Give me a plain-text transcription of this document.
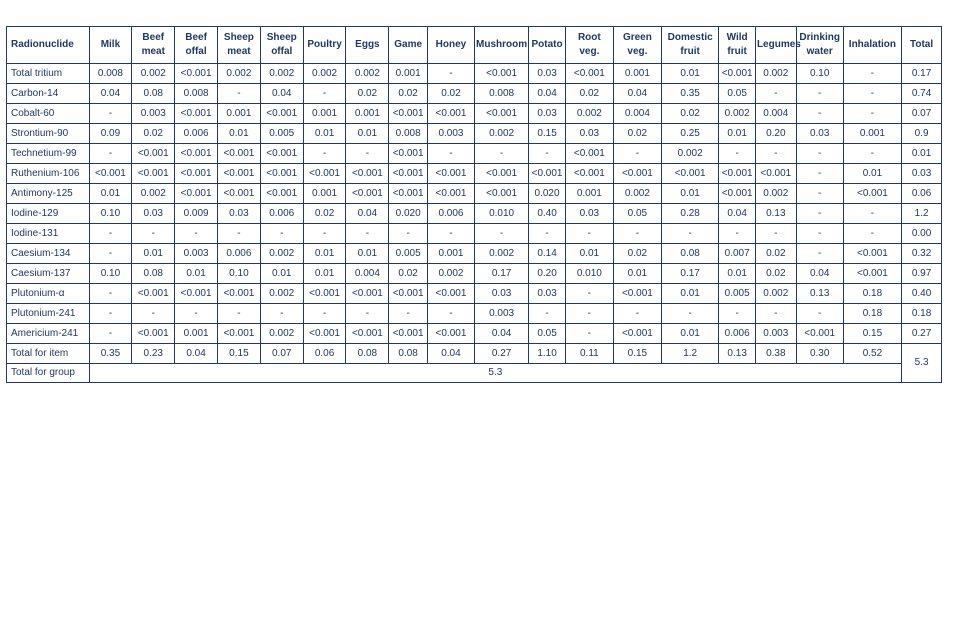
Radionuclide	Milk	Beef meat	Beef offal	Sheep meat	Sheep offal	Poultry	Eggs	Game	Honey	Mushroom	Potato	Root veg.	Green veg.	Domestic fruit	Wild fruit	Legumes	Drinking water	Inhalation	Total
Total tritium	0.008	0.002	<0.001	0.002	0.002	0.002	0.002	0.001	-	<0.001	0.03	<0.001	0.001	0.01	<0.001	0.002	0.10	-	0.17
Carbon-14	0.04	0.08	0.008	-	0.04	-	0.02	0.02	0.02	0.008	0.04	0.02	0.04	0.35	0.05	-	-	-	0.74
Cobalt-60	-	0.003	<0.001	0.001	<0.001	0.001	0.001	<0.001	<0.001	<0.001	0.03	0.002	0.004	0.02	0.002	0.004	-	-	0.07
Strontium-90	0.09	0.02	0.006	0.01	0.005	0.01	0.01	0.008	0.003	0.002	0.15	0.03	0.02	0.25	0.01	0.20	0.03	0.001	0.9
Technetium-99	-	<0.001	<0.001	<0.001	<0.001	-	-	<0.001	-	-	-	<0.001	-	0.002	-	-	-	-	0.01
Ruthenium-106	<0.001	<0.001	<0.001	<0.001	<0.001	<0.001	<0.001	<0.001	<0.001	<0.001	<0.001	<0.001	<0.001	<0.001	<0.001	<0.001	-	0.01	0.03
Antimony-125	0.01	0.002	<0.001	<0.001	<0.001	0.001	<0.001	<0.001	<0.001	<0.001	0.020	0.001	0.002	0.01	<0.001	0.002	-	<0.001	0.06
Iodine-129	0.10	0.03	0.009	0.03	0.006	0.02	0.04	0.020	0.006	0.010	0.40	0.03	0.05	0.28	0.04	0.13	-	-	1.2
Iodine-131	-	-	-	-	-	-	-	-	-	-	-	-	-	-	-	-	-	-	0.00
Caesium-134	-	0.01	0.003	0.006	0.002	0.01	0.01	0.005	0.001	0.002	0.14	0.01	0.02	0.08	0.007	0.02	-	<0.001	0.32
Caesium-137	0.10	0.08	0.01	0.10	0.01	0.01	0.004	0.02	0.002	0.17	0.20	0.010	0.01	0.17	0.01	0.02	0.04	<0.001	0.97
Plutonium-α	-	<0.001	<0.001	<0.001	0.002	<0.001	<0.001	<0.001	<0.001	0.03	0.03	-	<0.001	0.01	0.005	0.002	0.13	0.18	0.40
Plutonium-241	-	-	-	-	-	-	-	-	-	0.003	-	-	-	-	-	-	-	0.18	0.18
Americium-241	-	<0.001	0.001	<0.001	0.002	<0.001	<0.001	<0.001	<0.001	0.04	0.05	-	<0.001	0.01	0.006	0.003	<0.001	0.15	0.27
Total for item	0.35	0.23	0.04	0.15	0.07	0.06	0.08	0.08	0.04	0.27	1.10	0.11	0.15	1.2	0.13	0.38	0.30	0.52	5.3
Total for group	5.3																		
